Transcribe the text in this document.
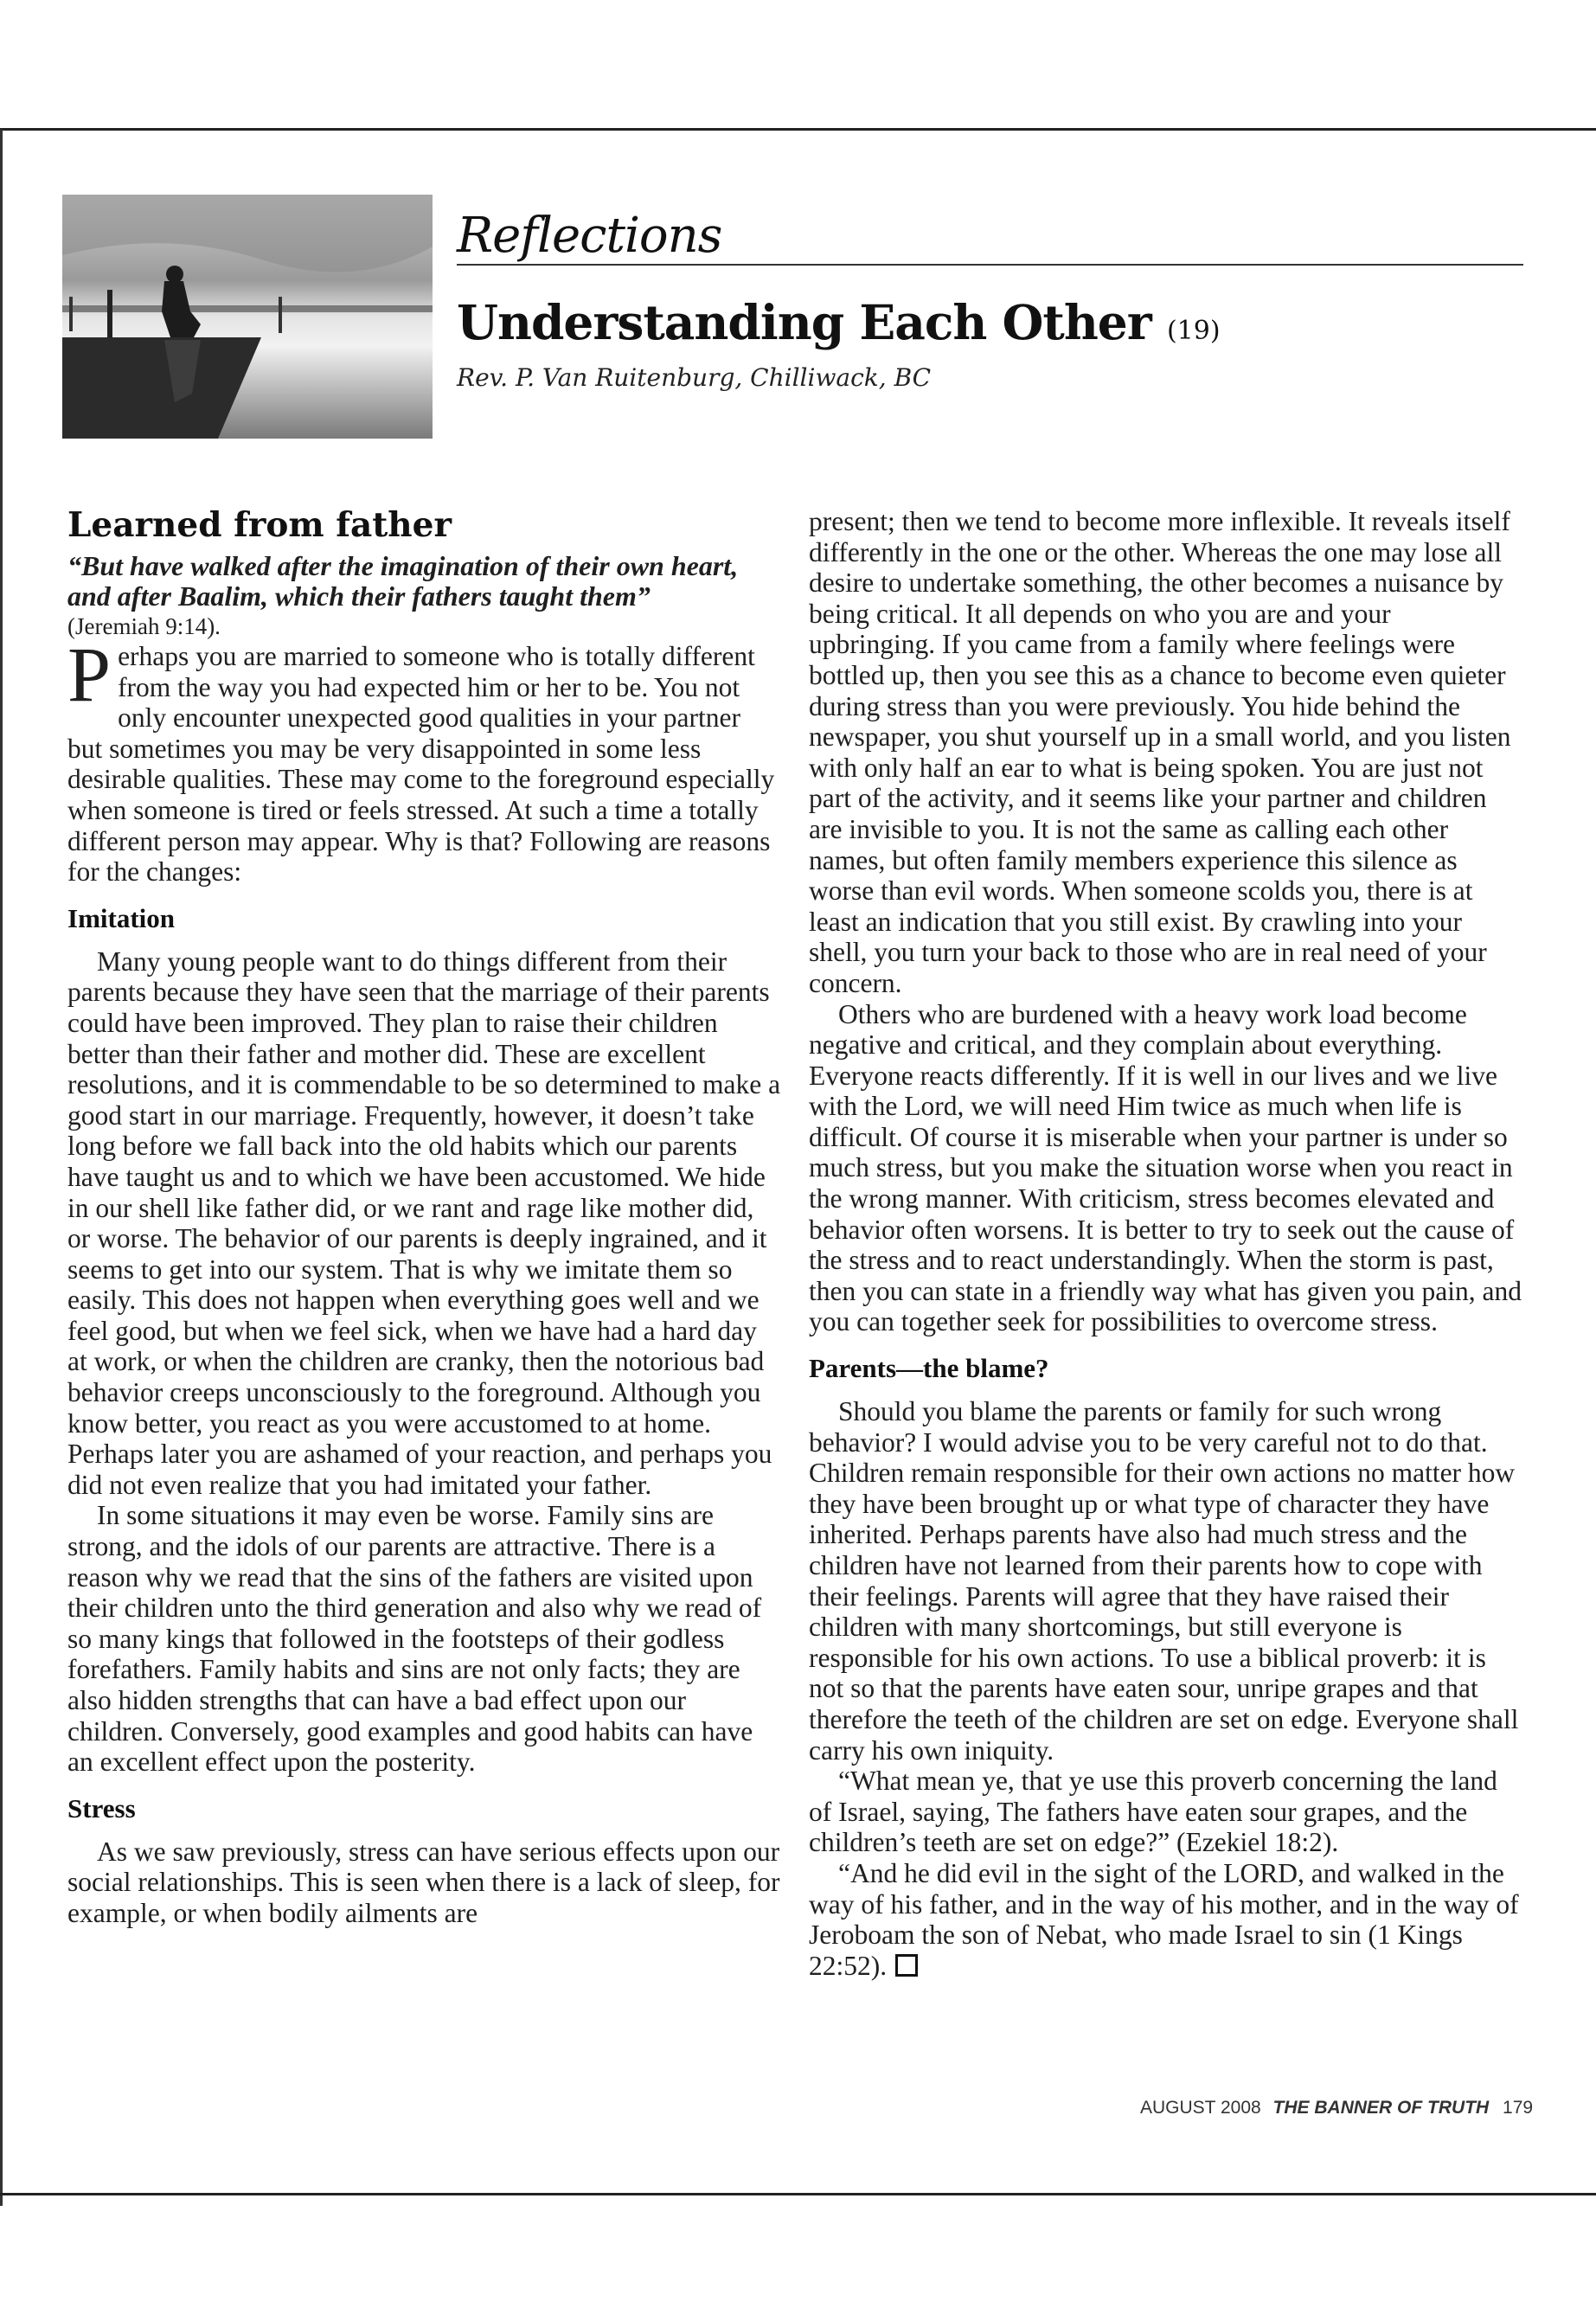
Reflections
Understanding Each Other (19)
Rev. P. Van Ruitenburg, Chilliwack, BC
Learned from father

“But have walked after the imagination of their own heart, and after Baalim, which their fathers taught them”

(Jeremiah 9:14).

Perhaps you are married to someone who is totally different from the way you had expected him or her to be. You not only encounter unexpected good qualities in your partner but sometimes you may be very disappointed in some less desirable qualities. These may come to the foreground especially when someone is tired or feels stressed. At such a time a totally different person may appear. Why is that? Following are reasons for the changes:

Imitation

Many young people want to do things different from their parents because they have seen that the marriage of their parents could have been improved. They plan to raise their children better than their father and mother did. These are excellent resolutions, and it is commendable to be so determined to make a good start in our marriage. Frequently, however, it doesn’t take long before we fall back into the old habits which our parents have taught us and to which we have been accustomed. We hide in our shell like father did, or we rant and rage like mother did, or worse. The behavior of our parents is deeply ingrained, and it seems to get into our system. That is why we imitate them so easily. This does not happen when everything goes well and we feel good, but when we feel sick, when we have had a hard day at work, or when the children are cranky, then the notorious bad behavior creeps unconsciously to the foreground. Although you know better, you react as you were accustomed to at home. Perhaps later you are ashamed of your reaction, and perhaps you did not even realize that you had imitated your father.

In some situations it may even be worse. Family sins are strong, and the idols of our parents are attractive. There is a reason why we read that the sins of the fathers are visited upon their children unto the third generation and also why we read of so many kings that followed in the footsteps of their godless forefathers. Family habits and sins are not only facts; they are also hidden strengths that can have a bad effect upon our children. Conversely, good examples and good habits can have an excellent effect upon the posterity.

Stress

As we saw previously, stress can have serious effects upon our social relationships. This is seen when there is a lack of sleep, for example, or when bodily ailments are

present; then we tend to become more inflexible. It reveals itself differently in the one or the other. Whereas the one may lose all desire to undertake something, the other becomes a nuisance by being critical. It all depends on who you are and your upbringing. If you came from a family where feelings were bottled up, then you see this as a chance to become even quieter during stress than you were previously. You hide behind the newspaper, you shut yourself up in a small world, and you listen with only half an ear to what is being spoken. You are just not part of the activity, and it seems like your partner and children are invisible to you. It is not the same as calling each other names, but often family members experience this silence as worse than evil words. When someone scolds you, there is at least an indication that you still exist. By crawling into your shell, you turn your back to those who are in real need of your concern.

Others who are burdened with a heavy work load become negative and critical, and they complain about everything. Everyone reacts differently. If it is well in our lives and we live with the Lord, we will need Him twice as much when life is difficult. Of course it is miserable when your partner is under so much stress, but you make the situation worse when you react in the wrong manner. With criticism, stress becomes elevated and behavior often worsens. It is better to try to seek out the cause of the stress and to react understandingly. When the storm is past, then you can state in a friendly way what has given you pain, and you can together seek for possibilities to overcome stress.

Parents—the blame?

Should you blame the parents or family for such wrong behavior? I would advise you to be very careful not to do that. Children remain responsible for their own actions no matter how they have been brought up or what type of character they have inherited. Perhaps parents have also had much stress and the children have not learned from their parents how to cope with their feelings. Parents will agree that they have raised their children with many shortcomings, but still everyone is responsible for his own actions. To use a biblical proverb: it is not so that the parents have eaten sour, unripe grapes and that therefore the teeth of the children are set on edge. Everyone shall carry his own iniquity.

“What mean ye, that ye use this proverb concerning the land of Israel, saying, The fathers have eaten sour grapes, and the children’s teeth are set on edge?” (Ezekiel 18:2).

“And he did evil in the sight of the LORD, and walked in the way of his father, and in the way of his mother, and in the way of Jeroboam the son of Nebat, who made Israel to sin (1 Kings 22:52).

AUGUST 2008 THE BANNER OF TRUTH 179
